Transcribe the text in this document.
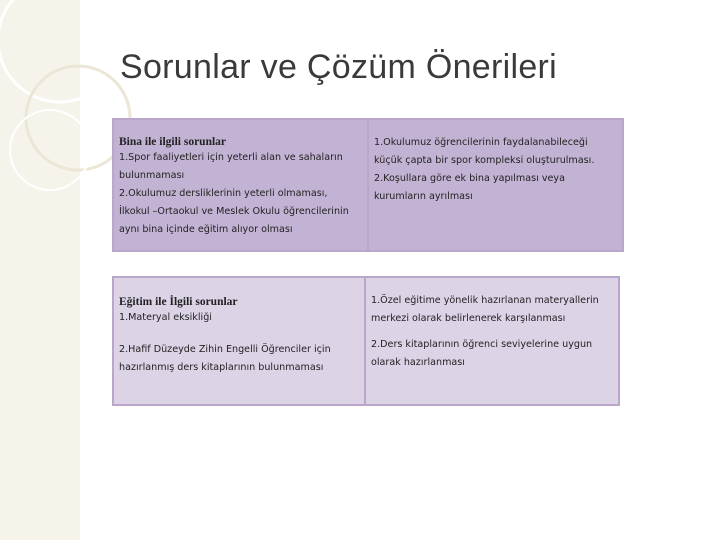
Sorunlar ve Çözüm Önerileri
Bina ile ilgili sorunlar
1.Spor faaliyetleri için yeterli alan ve sahaların
bulunmaması
2.Okulumuz dersliklerinin yeterli olmaması,
İlkokul –Ortaokul ve Meslek Okulu öğrencilerinin
aynı bina içinde eğitim alıyor olması
1.Okulumuz öğrencilerinin faydalanabileceği
küçük çapta bir spor kompleksi oluşturulması.
2.Koşullara göre ek bina yapılması veya
kurumların ayrılması
Eğitim ile İlgili sorunlar
1.Materyal eksikliği
2.Hafif Düzeyde Zihin Engelli Öğrenciler için
hazırlanmış ders kitaplarının bulunmaması
1.Özel eğitime yönelik hazırlanan materyallerin
merkezi olarak belirlenerek karşılanması
2.Ders kitaplarının öğrenci seviyelerine uygun
olarak hazırlanması
